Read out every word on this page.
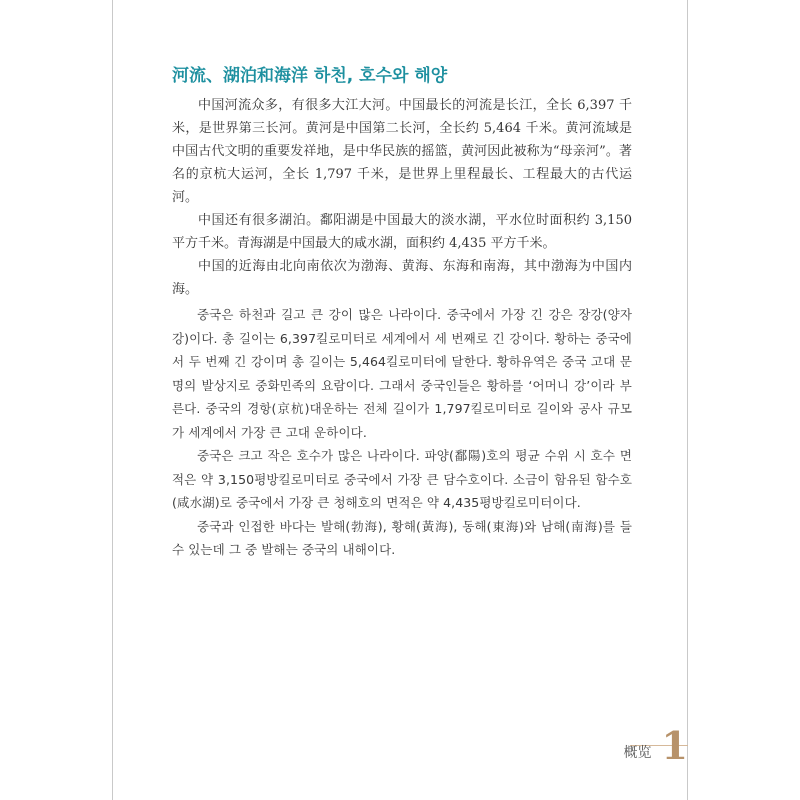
河流、湖泊和海洋 하천, 호수와 해양

中国河流众多，有很多大江大河。中国最长的河流是长江，全长 6,397 千米，是世界第三长河。黄河是中国第二长河，全长约 5,464 千米。黄河流域是中国古代文明的重要发祥地，是中华民族的摇篮，黄河因此被称为“母亲河”。著名的京杭大运河，全长 1,797 千米，是世界上里程最长、工程最大的古代运河。

中国还有很多湖泊。鄱阳湖是中国最大的淡水湖，平水位时面积约 3,150 平方千米。青海湖是中国最大的咸水湖，面积约 4,435 平方千米。

中国的近海由北向南依次为渤海、黄海、东海和南海，其中渤海为中国内海。

중국은 하천과 길고 큰 강이 많은 나라이다. 중국에서 가장 긴 강은 장강(양자강)이다. 총 길이는 6,397킬로미터로 세계에서 세 번째로 긴 강이다. 황하는 중국에서 두 번째 긴 강이며 총 길이는 5,464킬로미터에 달한다. 황하유역은 중국 고대 문명의 발상지로 중화민족의 요람이다. 그래서 중국인들은 황하를 ‘어머니 강’이라 부른다. 중국의 경항(京杭)대운하는 전체 길이가 1,797킬로미터로 길이와 공사 규모가 세계에서 가장 큰 고대 운하이다.

중국은 크고 작은 호수가 많은 나라이다. 파양(鄱陽)호의 평균 수위 시 호수 면적은 약 3,150평방킬로미터로 중국에서 가장 큰 담수호이다. 소금이 함유된 함수호(咸水湖)로 중국에서 가장 큰 청해호의 면적은 약 4,435평방킬로미터이다.

중국과 인접한 바다는 발해(勃海), 황해(黃海), 동해(東海)와 남해(南海)를 들 수 있는데 그 중 발해는 중국의 내해이다.

概览 1
